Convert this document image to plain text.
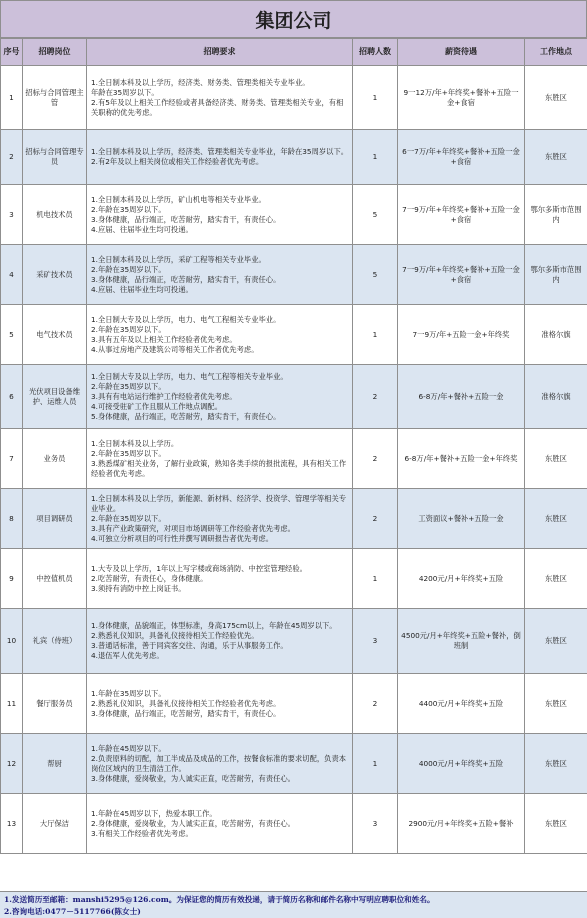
集团公司
序号	招聘岗位	招聘要求	招聘人数	薪资待遇	工作地点
1	招标与合同管理主管	1.全日制本科及以上学历，经济类、财务类、管理类相关专业毕业。
年龄在35周岁以下。
2.有5年及以上相关工作经验或者具备经济类、财务类、管理类相关专业，有相关职称的优先考虑。	1	9一12万/年+年终奖+餐补+五险一金+食宿	东胜区
2	招标与合同管理专员	1.全日制本科及以上学历，经济类、管理类相关专业毕业，年龄在35周岁以下。
2.有2年及以上相关岗位或相关工作经验者优先考虑。	1	6一7万/年+年终奖+餐补+五险一金+食宿	东胜区
3	机电技术员	1.全日制本科及以上学历，矿山机电等相关专业毕业。
2.年龄在35周岁以下。
3.身体健康，品行端正，吃苦耐劳，踏实肯干，有责任心。
4.应届、往届毕业生均可投递。	5	7一9万/年+年终奖+餐补+五险一金+食宿	鄂尔多斯市范围内
4	采矿技术员	1.全日制本科及以上学历，采矿工程等相关专业毕业。
2.年龄在35周岁以下。
3.身体健康，品行端正，吃苦耐劳，踏实肯干，有责任心。
4.应届、往届毕业生均可投递。	5	7一9万/年+年终奖+餐补+五险一金+食宿	鄂尔多斯市范围内
5	电气技术员	1.全日制大专及以上学历，电力、电气工程相关专业毕业。
2.年龄在35周岁以下。
3.具有五年及以上相关工作经验者优先考虑。
4.从事过房地产及建筑公司等相关工作者优先考虑。	1	7一9万/年+五险一金+年终奖	准格尔旗
6	光伏项目设备维护、运维人员	1.全日制大专及以上学历，电力、电气工程等相关专业毕业。
2.年龄在35周岁以下。
3.具有有电站运行维护工作经验者优先考虑。
4.可接受驻矿工作且服从工作地点调配。
5.身体健康，品行端正，吃苦耐劳，踏实肯干，有责任心。	2	6-8万/年+餐补+五险一金	准格尔旗
7	业务员	1.全日制本科及以上学历。
2.年龄在35周岁以下。
3.熟悉煤矿相关业务，了解行业政策，熟知各类手续的报批流程，具有相关工作经验者优先考虑。	2	6-8万/年+餐补+五险一金+年终奖	东胜区
8	项目调研员	1.全日制本科及以上学历，新能源、新材料、经济学、投资学、管理学等相关专业毕业。
2.年龄在35周岁以下。
3.具有产业政策研究，对项目市场调研等工作经验者优先考虑。
4.可独立分析项目的可行性并撰写调研报告者优先考虑。	2	工资面议+餐补+五险一金	东胜区
9	中控值机员	1.大专及以上学历，1年以上写字楼或商场消防、中控室管理经验。
2.吃苦耐劳，有责任心，身体健康。
3.须持有消防中控上岗证书。	1	4200元/月+年终奖+五险	东胜区
10	礼宾（侍班）	1.身体健康，品貌端正，体型标准，身高175cm以上，年龄在45周岁以下。
2.熟悉礼仪知识，具备礼仪接待相关工作经验优先。
3.普通话标准，善于同宾客交往、沟通，乐于从事服务工作。
4.退伍军人优先考虑。	3	4500元/月+年终奖+五险+餐补，倒班制	东胜区
11	餐厅服务员	1.年龄在35周岁以下。
2.熟悉礼仪知识，具备礼仪接待相关工作经验者优先考虑。
3.身体健康，品行端正，吃苦耐劳，踏实肯干，有责任心。	2	4400元/月+年终奖+五险	东胜区
12	帮厨	1.年龄在45周岁以下。
2.负责原料的切配，加工半成品及成品的工作，按餐食标准的要求切配，负责本岗位区域内的卫生清洁工作。
3.身体健康，爱岗敬业，为人诚实正直，吃苦耐劳，有责任心。	1	4000元/月+年终奖+五险	东胜区
13	大厅保洁	1.年龄在45周岁以下，热爱本职工作。
2.身体健康，爱岗敬业，为人诚实正直，吃苦耐劳，有责任心。
3.有相关工作经验者优先考虑。	3	2900元/月+年终奖+五险+餐补	东胜区
1.发送简历至邮箱：manshi5295@126.com。为保证您的简历有效投递，请于简历名称和邮件名称中写明应聘职位和姓名。
2.咨询电话:0477－5117766(陈女士)
